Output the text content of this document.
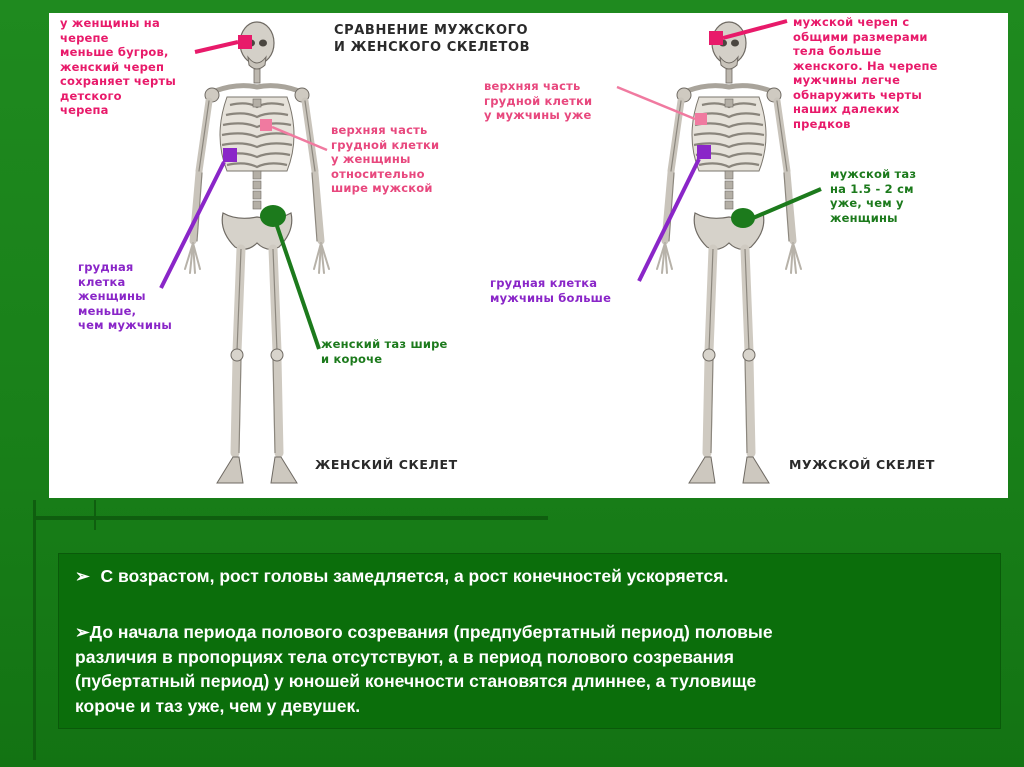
СРАВНЕНИЕ МУЖСКОГО
И ЖЕНСКОГО СКЕЛЕТОВ
у женщины на
черепе
меньше бугров,
женский череп
сохраняет черты
детского
черепа
верхняя часть
грудной клетки
у женщины
относительно
шире мужской
грудная
клетка
женщины
меньше,
чем мужчины
женский таз шире
и короче
ЖЕНСКИЙ СКЕЛЕТ
мужской череп с
общими размерами
тела больше
женского. На черепе
мужчины легче
обнаружить черты
наших далеких
предков
верхняя часть
грудной клетки
у мужчины уже
грудная клетка
мужчины больше
мужской таз
на 1.5 - 2 см
уже, чем у
женщины
МУЖСКОЙ СКЕЛЕТ
➢ С возрастом, рост головы замедляется, а рост конечностей ускоряется.
➢До начала периода полового созревания (предпубертатный период) половые
различия в пропорциях тела отсутствуют, а в период полового созревания
(пубертатный период) у юношей конечности становятся длиннее, а туловище
короче и таз уже, чем у девушек.
